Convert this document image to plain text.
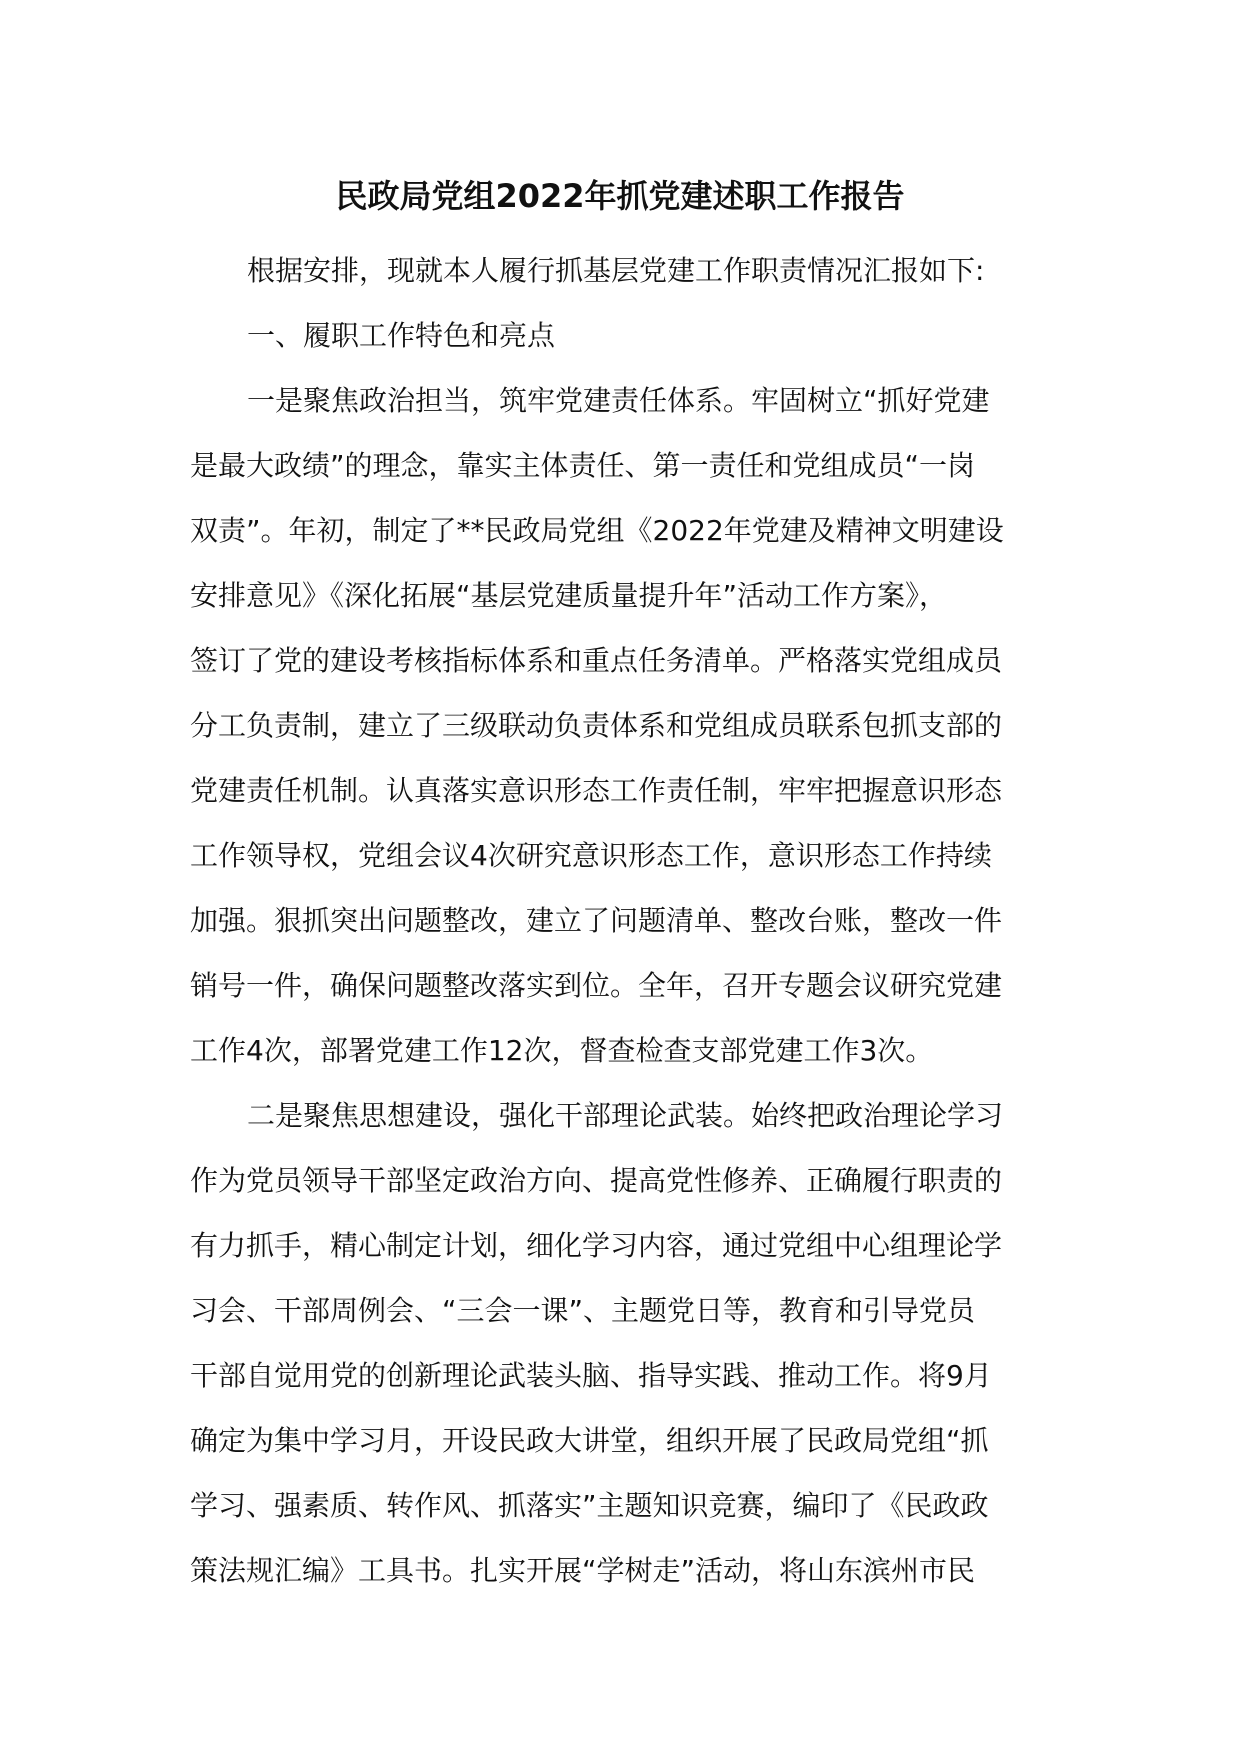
民政局党组2022年抓党建述职工作报告
根据安排，现就本人履行抓基层党建工作职责情况汇报如下:
一、履职工作特色和亮点
一是聚焦政治担当，筑牢党建责任体系。牢固树立“抓好党建
是最大政绩”的理念，靠实主体责任、第一责任和党组成员“一岗
双责”。年初，制定了**民政局党组《2022年党建及精神文明建设
安排意见》《深化拓展“基层党建质量提升年”活动工作方案》，
签订了党的建设考核指标体系和重点任务清单。严格落实党组成员
分工负责制，建立了三级联动负责体系和党组成员联系包抓支部的
党建责任机制。认真落实意识形态工作责任制，牢牢把握意识形态
工作领导权，党组会议4次研究意识形态工作，意识形态工作持续
加强。狠抓突出问题整改，建立了问题清单、整改台账，整改一件
销号一件，确保问题整改落实到位。全年，召开专题会议研究党建
工作4次，部署党建工作12次，督查检查支部党建工作3次。
二是聚焦思想建设，强化干部理论武装。始终把政治理论学习
作为党员领导干部坚定政治方向、提高党性修养、正确履行职责的
有力抓手，精心制定计划，细化学习内容，通过党组中心组理论学
习会、干部周例会、“三会一课”、主题党日等，教育和引导党员
干部自觉用党的创新理论武装头脑、指导实践、推动工作。将9月
确定为集中学习月，开设民政大讲堂，组织开展了民政局党组“抓
学习、强素质、转作风、抓落实”主题知识竞赛，编印了《民政政
策法规汇编》工具书。扎实开展“学树走”活动，将山东滨州市民
